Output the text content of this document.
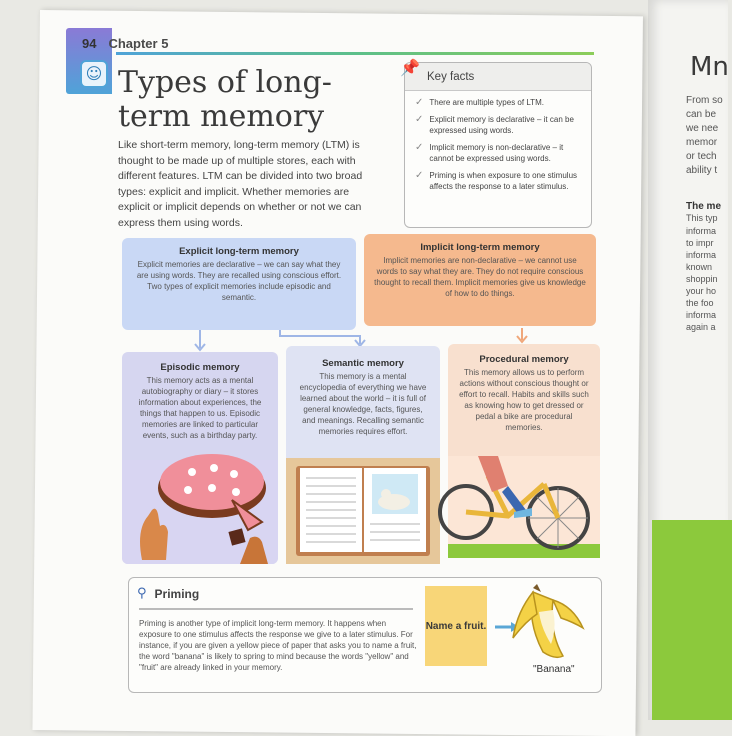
Mn
From so
can be
we nee
memor
or tech
ability t
The me
This typ
informa
to impr
informa
known
shoppin
your ho
the foo
informa
again a
94 Chapter 5
☺ Types of long-term memory
Like short-term memory, long-term memory (LTM) is thought to be made up of multiple stores, each with different features. LTM can be divided into two broad types: explicit and implicit. Whether memories are explicit or implicit depends on whether or not we can express them using words.
Key facts
✓ There are multiple types of LTM.
✓ Explicit memory is declarative – it can be expressed using words.
✓ Implicit memory is non-declarative – it cannot be expressed using words.
✓ Priming is when exposure to one stimulus affects the response to a later stimulus.
📌
Explicit long-term memory

Explicit memories are declarative – we can say what they are using words. They are recalled using conscious effort. Two types of explicit memories include episodic and semantic.

Implicit long-term memory

Implicit memories are non-declarative – we cannot use words to say what they are. They do not require conscious thought to recall them. Implicit memories give us knowledge of how to do things.

Episodic memory

This memory acts as a mental autobiography or diary – it stores information about experiences, the things that happen to us. Episodic memories are linked to particular events, such as a birthday party.

Semantic memory

This memory is a mental encyclopedia of everything we have learned about the world – it is full of general knowledge, facts, figures, and meanings. Recalling semantic memories requires effort.

Procedural memory

This memory allows us to perform actions without conscious thought or effort to recall. Habits and skills such as knowing how to get dressed or pedal a bike are procedural memories.

⚲ Priming
Priming is another type of implicit long-term memory. It happens when exposure to one stimulus affects the response we give to a later stimulus. For instance, if you are given a yellow piece of paper that asks you to name a fruit, the word "banana" is likely to spring to mind because the words "yellow" and "fruit" are already linked in your memory.
Name a fruit.
"Banana"
